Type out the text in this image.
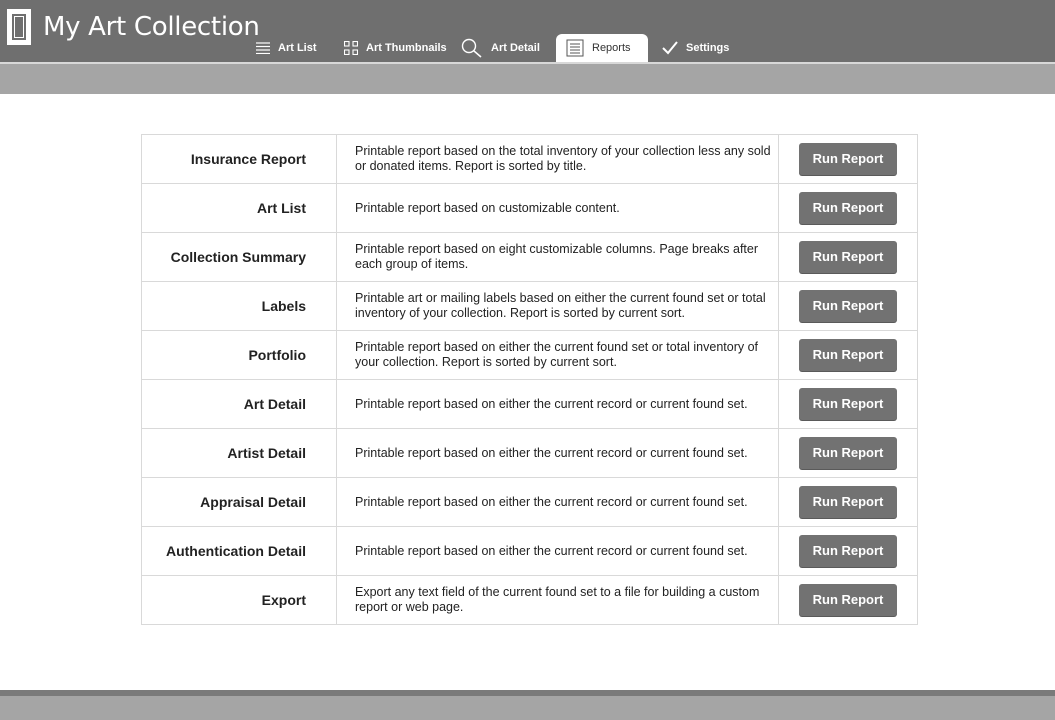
My Art Collection
Art List	Art Thumbnails	Art Detail	Reports	Settings
Insurance Report	Printable report based on the total inventory of your collection less any sold or donated items. Report is sorted by title.	Run Report
Art List	Printable report based on customizable content.	Run Report
Collection Summary	Printable report based on eight customizable columns. Page breaks after each group of items.	Run Report
Labels	Printable art or mailing labels based on either the current found set or total inventory of your collection. Report is sorted by current sort.	Run Report
Portfolio	Printable report based on either the current found set or total inventory of your collection. Report is sorted by current sort.	Run Report
Art Detail	Printable report based on either the current record or current found set.	Run Report
Artist Detail	Printable report based on either the current record or current found set.	Run Report
Appraisal Detail	Printable report based on either the current record or current found set.	Run Report
Authentication Detail	Printable report based on either the current record or current found set.	Run Report
Export	Export any text field of the current found set to a file for building a custom report or web page.	Run Report
